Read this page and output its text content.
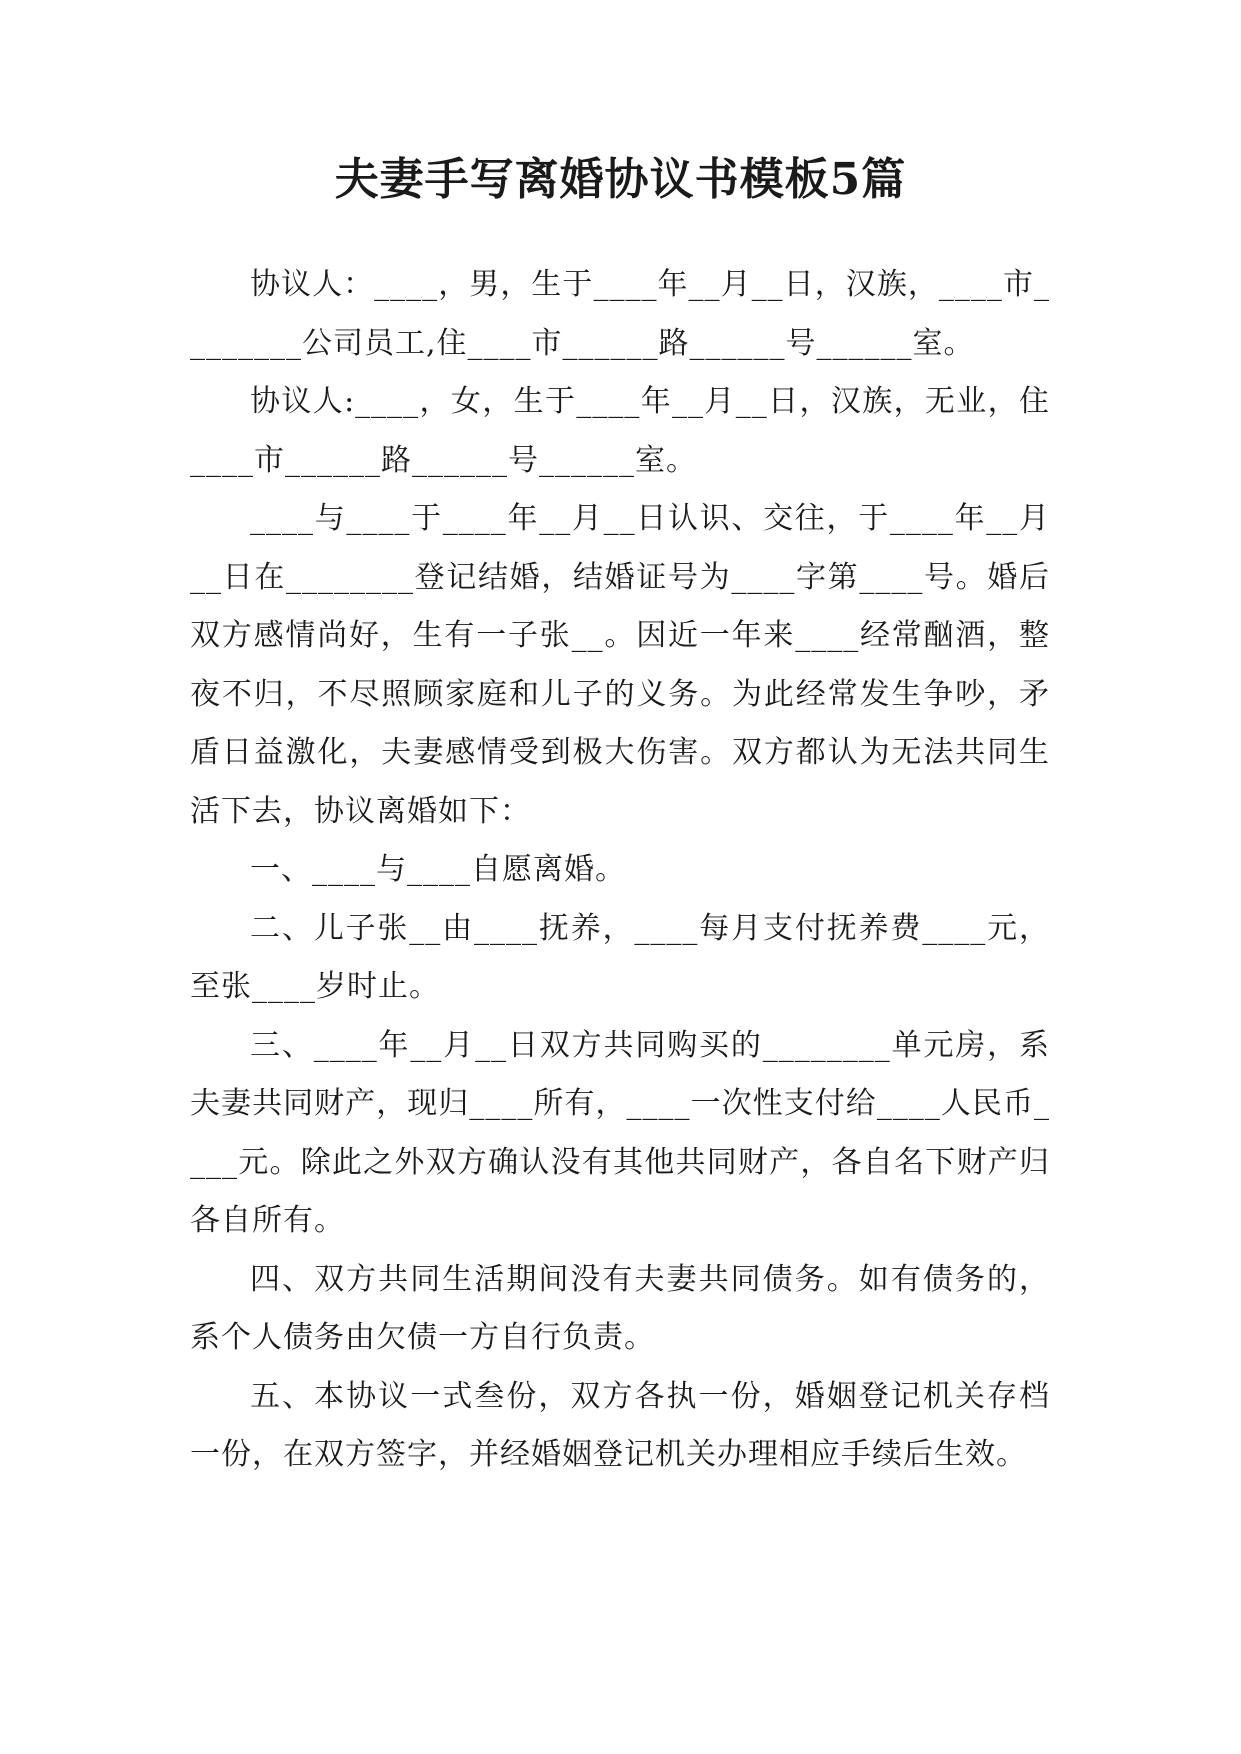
夫妻手写离婚协议书模板5篇

协议人：____，男，生于____年__月__日，汉族，____市________公司员工,住____市______路______号______室。

协议人:____，女，生于____年__月__日，汉族，无业，住____市______路______号______室。

____与____于____年__月__日认识、交往，于____年__月__日在________登记结婚，结婚证号为____字第____号。婚后双方感情尚好，生有一子张__。因近一年来____经常酗酒，整夜不归，不尽照顾家庭和儿子的义务。为此经常发生争吵，矛盾日益激化，夫妻感情受到极大伤害。双方都认为无法共同生活下去，协议离婚如下：

一、____与____自愿离婚。

二、儿子张__由____抚养，____每月支付抚养费____元，至张____岁时止。

三、____年__月__日双方共同购买的________单元房，系夫妻共同财产，现归____所有，____一次性支付给____人民币____元。除此之外双方确认没有其他共同财产，各自名下财产归各自所有。

四、双方共同生活期间没有夫妻共同债务。如有债务的，系个人债务由欠债一方自行负责。

五、本协议一式叁份，双方各执一份，婚姻登记机关存档一份，在双方签字，并经婚姻登记机关办理相应手续后生效。
